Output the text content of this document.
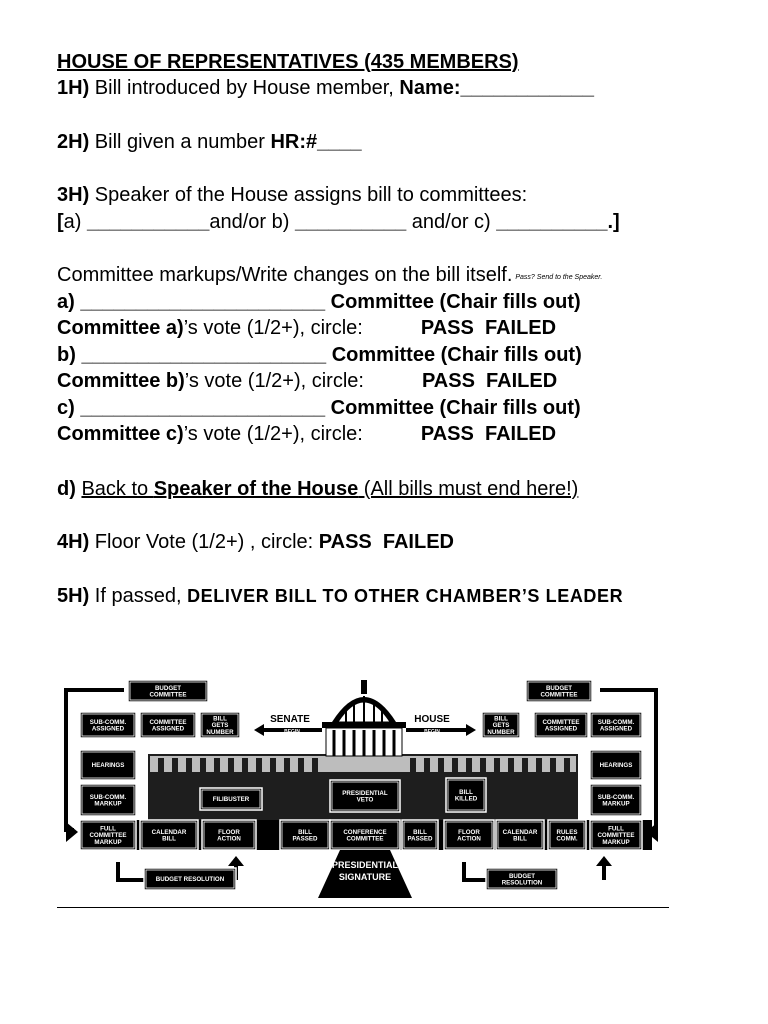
HOUSE OF REPRESENTATIVES (435 MEMBERS)
1H) Bill introduced by House member, Name:____________
2H) Bill given a number HR:#____
3H) Speaker of the House assigns bill to committees:
[a) ___________and/or b) __________ and/or c) __________.]
Committee markups/Write changes on the bill itself. Pass? Send to the Speaker.
a) ______________________ Committee (Chair fills out)
Committee a)’s vote (1/2+), circle:	PASS FAILED
b) ______________________ Committee (Chair fills out)
Committee b)’s vote (1/2+), circle:	PASS FAILED
c) ______________________ Committee (Chair fills out)
Committee c)’s vote (1/2+), circle:	PASS FAILED
d) Back to Speaker of the House (All bills must end here!)
4H) Floor Vote (1/2+) , circle: PASS FAILED
5H) If passed, DELIVER BILL TO OTHER CHAMBER’S LEADER
SENATE
BEGIN
HOUSE
BEGIN
SUB-COMM.
ASSIGNED
COMMITTEE
ASSIGNED
BILL
GETS
NUMBER
HEARINGS
SUB-COMM.
MARKUP
FILIBUSTER
FULL
COMMITTEE
MARKUP
CALENDAR
BILL
FLOOR
ACTION
BILL
PASSED
PRESIDENTIAL
VETO
CONFERENCE
COMMITTEE
BILL
GETS
NUMBER
COMMITTEE
ASSIGNED
SUB-COMM.
ASSIGNED
HEARINGS
BILL
KILLED	SUB-COMM.
MARKUP
BILL
PASSED
FLOOR
ACTION
CALENDAR
BILL
RULES
COMM.
FULL
COMMITTEE
MARKUP
BUDGET
COMMITTEE
BUDGET
COMMITTEE
BUDGET RESOLUTION	BUDGET
RESOLUTION
PRESIDENTIAL
SIGNATURE
